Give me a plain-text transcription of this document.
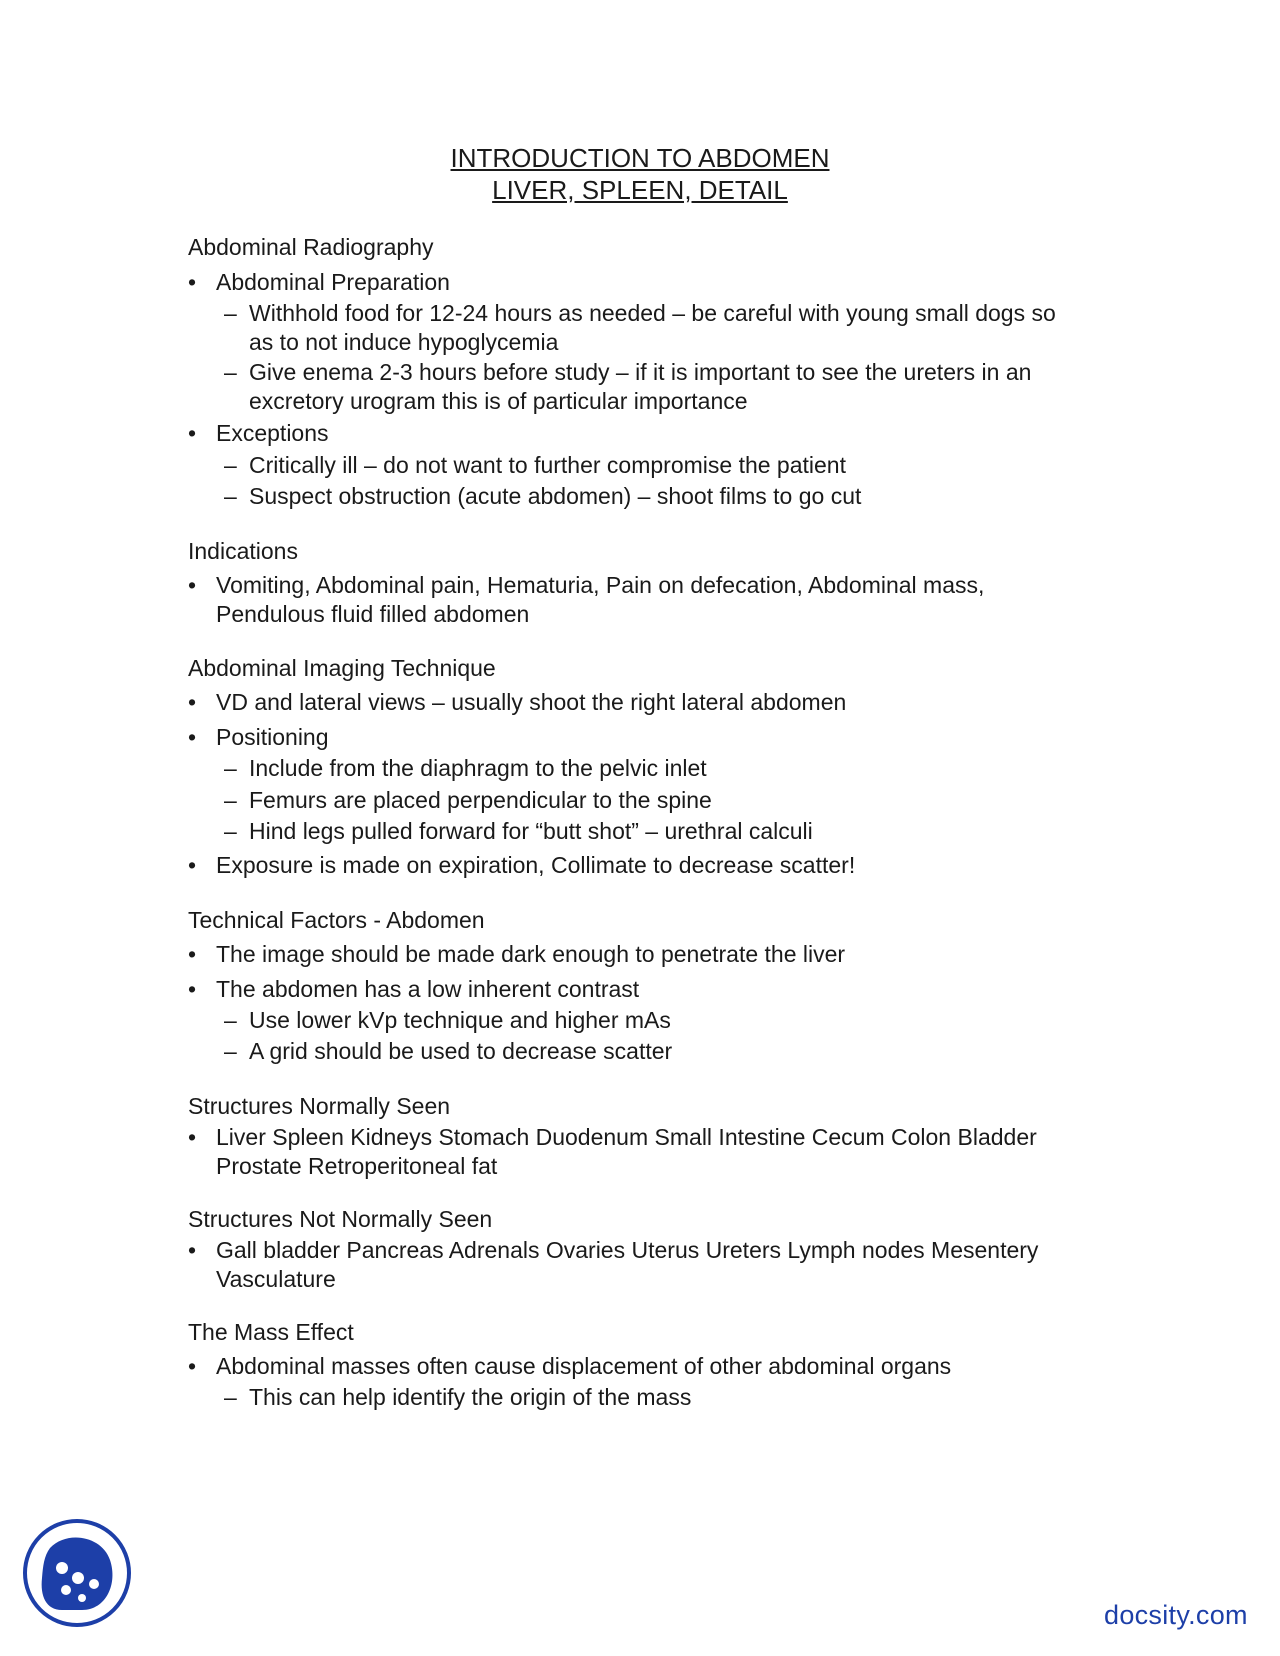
INTRODUCTION TO ABDOMEN
LIVER, SPLEEN, DETAIL
Abdominal Radiography
• Abdominal Preparation
– Withhold food for 12-24 hours as needed – be careful with young small dogs so as to not induce hypoglycemia
– Give enema 2-3 hours before study – if it is important to see the ureters in an excretory urogram this is of particular importance
• Exceptions
– Critically ill – do not want to further compromise the patient
– Suspect obstruction (acute abdomen) – shoot films to go cut
Indications
• Vomiting, Abdominal pain, Hematuria, Pain on defecation, Abdominal mass, Pendulous fluid filled abdomen
Abdominal Imaging Technique
• VD and lateral views – usually shoot the right lateral abdomen
• Positioning
– Include from the diaphragm to the pelvic inlet
– Femurs are placed perpendicular to the spine
– Hind legs pulled forward for “butt shot” – urethral calculi
• Exposure is made on expiration, Collimate to decrease scatter!
Technical Factors - Abdomen
• The image should be made dark enough to penetrate the liver
• The abdomen has a low inherent contrast
– Use lower kVp technique and higher mAs
– A grid should be used to decrease scatter
Structures Normally Seen
• Liver Spleen Kidneys Stomach Duodenum Small Intestine Cecum Colon Bladder Prostate Retroperitoneal fat
Structures Not Normally Seen
• Gall bladder Pancreas Adrenals Ovaries Uterus Ureters Lymph nodes Mesentery Vasculature
The Mass Effect
• Abdominal masses often cause displacement of other abdominal organs
– This can help identify the origin of the mass
docsity.com
